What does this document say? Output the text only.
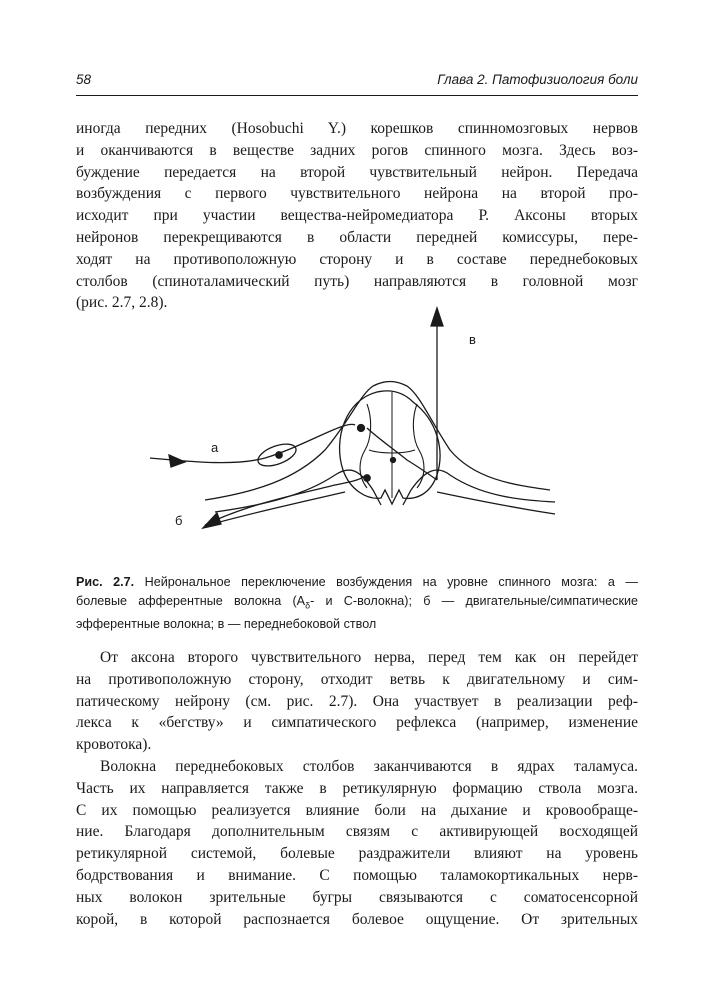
58	Глава 2. Патофизиология боли
иногда передних (Hosobuchi Y.) корешков спинномозговых нервов
и оканчиваются в веществе задних рогов спинного мозга. Здесь воз-
буждение передается на второй чувствительный нейрон. Передача
возбуждения с первого чувствительного нейрона на второй про-
исходит при участии вещества-нейромедиатора Р. Аксоны вторых
нейронов перекрещиваются в области передней комиссуры, пере-
ходят на противоположную сторону и в составе переднебоковых
столбов (спиноталамический путь) направляются в головной мозг
(рис. 2.7, 2.8).
а
б
в
Рис. 2.7. Нейрональное переключение возбуждения на уровне спинного мозга: а —
болевые афферентные волокна ($A_\delta-$ и C-волокна); б — двигательные/симпатические
эфферентные волокна; в — переднебоковой ствол
От аксона второго чувствительного нерва, перед тем как он перейдет
на противоположную сторону, отходит ветвь к двигательному и сим-
патическому нейрону (см. рис. 2.7). Она участвует в реализации реф-
лекса к «бегству» и симпатического рефлекса (например, изменение
кровотока).
Волокна переднебоковых столбов заканчиваются в ядрах таламуса.
Часть их направляется также в ретикулярную формацию ствола мозга.
С их помощью реализуется влияние боли на дыхание и кровообраще-
ние. Благодаря дополнительным связям с активирующей восходящей
ретикулярной системой, болевые раздражители влияют на уровень
бодрствования и внимание. С помощью таламокортикальных нерв-
ных волокон зрительные бугры связываются с соматосенсорной
корой, в которой распознается болевое ощущение. От зрительных
